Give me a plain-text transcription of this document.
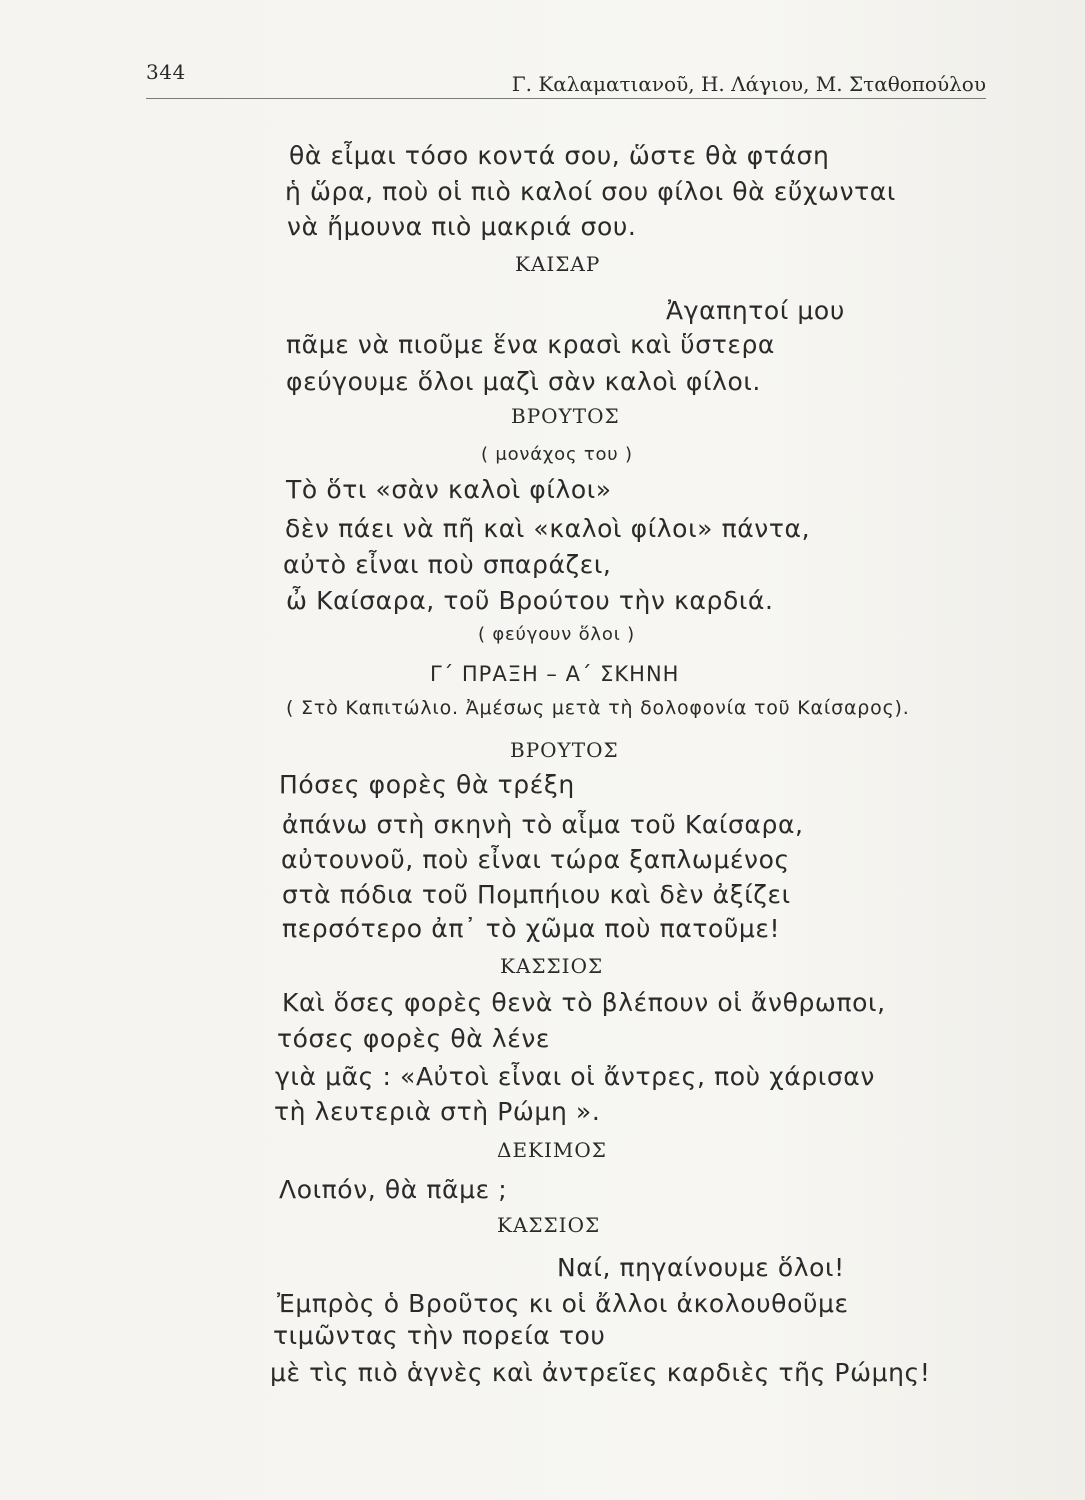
344	Γ. Καλαματιανοῦ, Η. Λάγιου, Μ. Σταθοπούλου
θὰ εἶμαι τόσο κοντά σου, ὥστε θὰ φτάση
ἡ ὥρα, ποὺ οἱ πιὸ καλοί σου φίλοι θὰ εὔχωνται
νὰ ἤμουνα πιὸ μακριά σου.
ΚΑΙΣΑΡ
Ἀγαπητοί μου
πᾶμε νὰ πιοῦμε ἕνα κρασὶ καὶ ὕστερα
φεύγουμε ὅλοι μαζὶ σὰν καλοὶ φίλοι.
ΒΡΟΥΤΟΣ
( μονάχος του )
Τὸ ὅτι «σὰν καλοὶ φίλοι»
δὲν πάει νὰ πῆ καὶ «καλοὶ φίλοι» πάντα,
αὐτὸ εἶναι ποὺ σπαράζει,
ὦ Καίσαρα, τοῦ Βρούτου τὴν καρδιά.
( φεύγουν ὅλοι )
Γ΄ ΠΡΑΞΗ – Α΄ ΣΚΗΝΗ
( Στὸ Καπιτώλιο. Ἀμέσως μετὰ τὴ δολοφονία τοῦ Καίσαρος).
ΒΡΟΥΤΟΣ
Πόσες φορὲς θὰ τρέξη
ἀπάνω στὴ σκηνὴ τὸ αἷμα τοῦ Καίσαρα,
αὐτουνοῦ, ποὺ εἶναι τώρα ξαπλωμένος
στὰ πόδια τοῦ Πομπήιου καὶ δὲν ἀξίζει
περσότερο ἀπ᾽ τὸ χῶμα ποὺ πατοῦμε!
ΚΑΣΣΙΟΣ
Καὶ ὅσες φορὲς θενὰ τὸ βλέπουν οἱ ἄνθρωποι,
τόσες φορὲς θὰ λένε
γιὰ μᾶς : «Αὐτοὶ εἶναι οἱ ἄντρες, ποὺ χάρισαν
τὴ λευτεριὰ στὴ Ρώμη ».
ΔΕΚΙΜΟΣ
Λοιπόν, θὰ πᾶμε ;
ΚΑΣΣΙΟΣ
Ναί, πηγαίνουμε ὅλοι!
Ἐμπρὸς ὁ Βροῦτος κι οἱ ἄλλοι ἀκολουθοῦμε
τιμῶντας τὴν πορεία του
μὲ τὶς πιὸ ἁγνὲς καὶ ἀντρεῖες καρδιὲς τῆς Ρώμης!
